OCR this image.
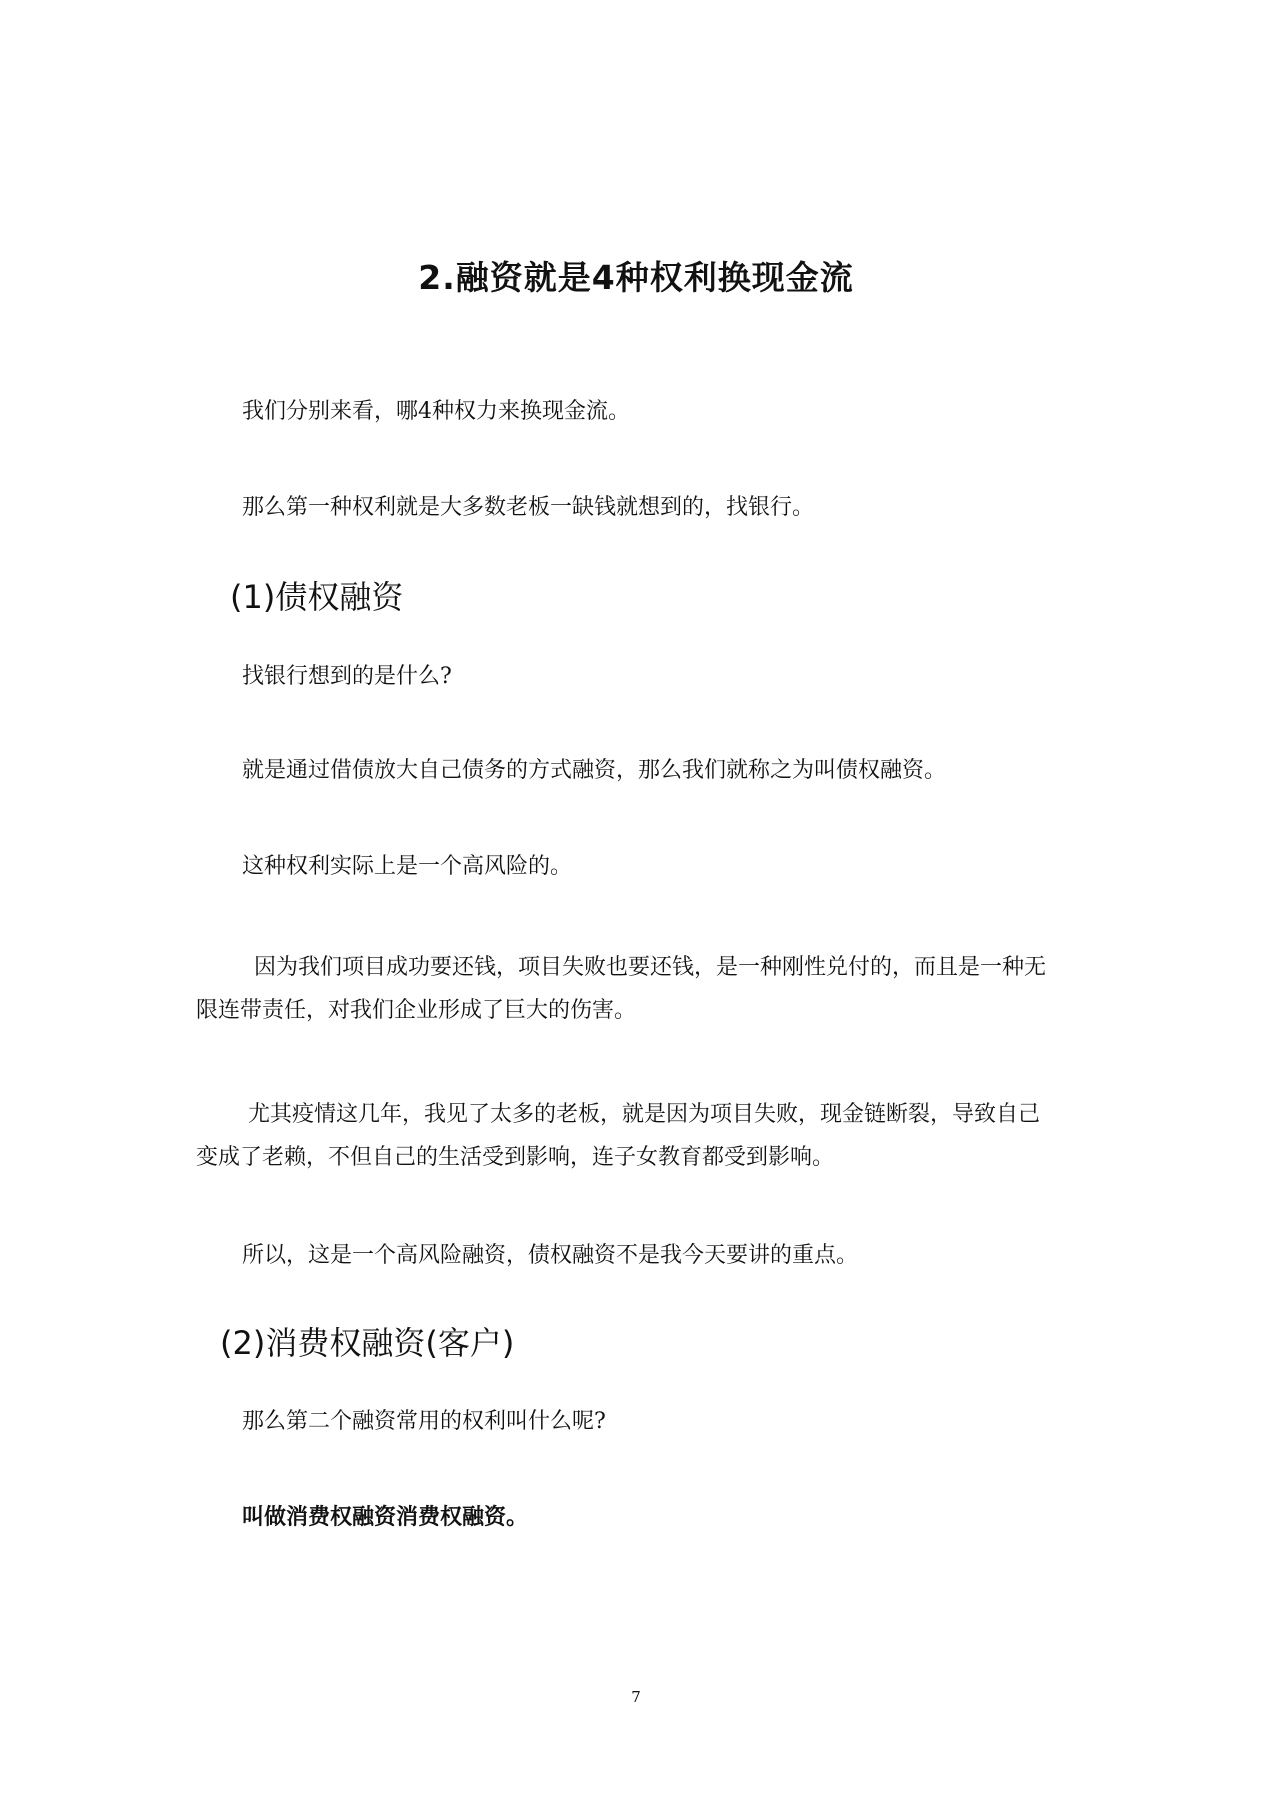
2.融资就是4种权利换现金流

我们分别来看，哪4种权力来换现金流。

那么第一种权利就是大多数老板一缺钱就想到的，找银行。

(1)债权融资

找银行想到的是什么?

就是通过借债放大自己债务的方式融资，那么我们就称之为叫债权融资。

这种权利实际上是一个高风险的。

因为我们项目成功要还钱，项目失败也要还钱，是一种刚性兑付的，而且是一种无限连带责任，对我们企业形成了巨大的伤害。

尤其疫情这几年，我见了太多的老板，就是因为项目失败，现金链断裂，导致自己变成了老赖，不但自己的生活受到影响，连子女教育都受到影响。

所以，这是一个高风险融资，债权融资不是我今天要讲的重点。

(2)消费权融资(客户)

那么第二个融资常用的权利叫什么呢?

叫做消费权融资消费权融资。

7
